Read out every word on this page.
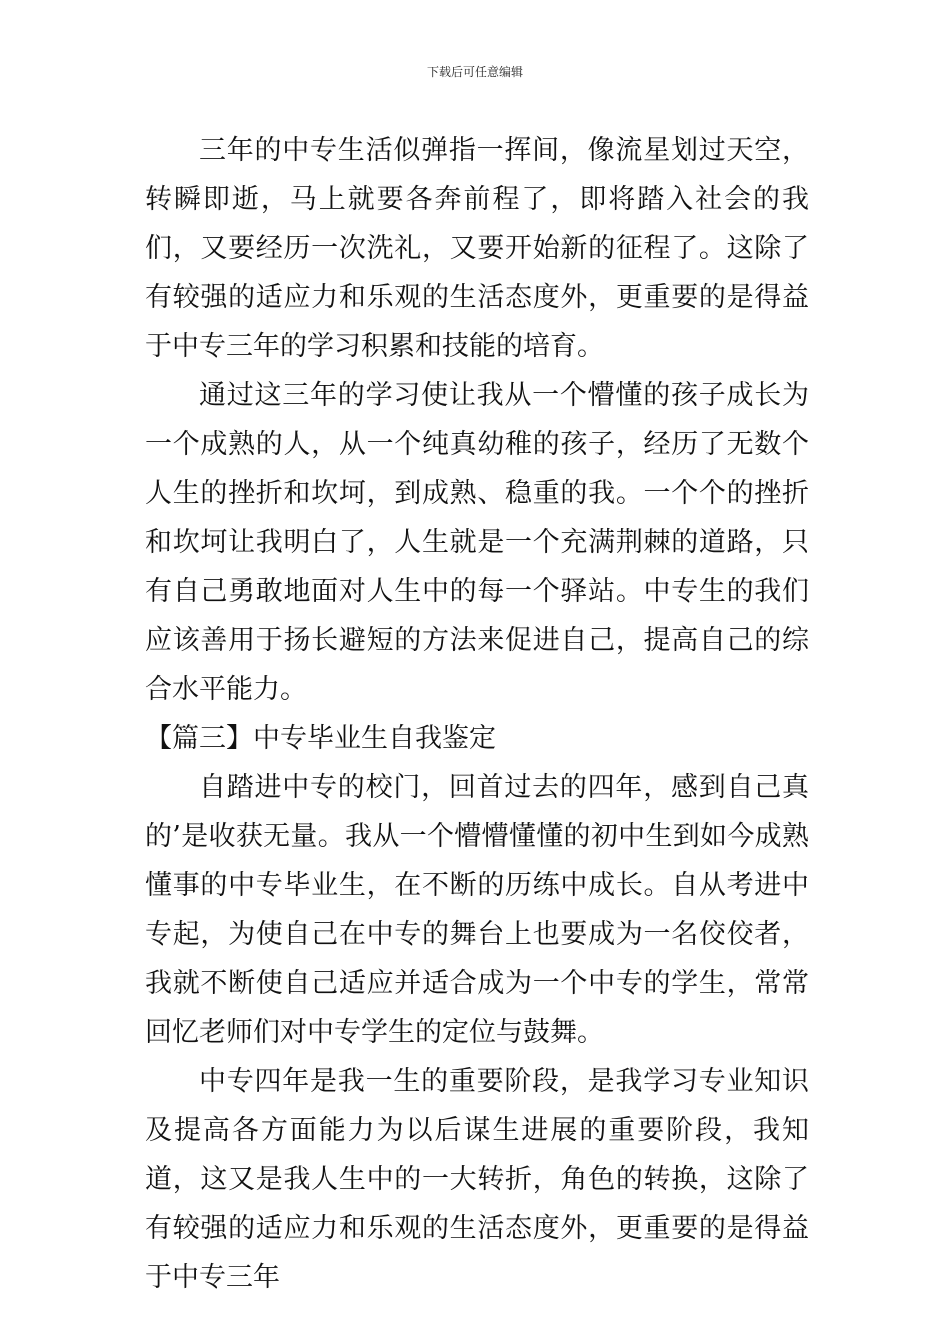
下载后可任意编辑

三年的中专生活似弹指一挥间，像流星划过天空，转瞬即逝，马上就要各奔前程了，即将踏入社会的我们，又要经历一次洗礼，又要开始新的征程了。这除了有较强的适应力和乐观的生活态度外，更重要的是得益于中专三年的学习积累和技能的培育。

通过这三年的学习使让我从一个懵懂的孩子成长为一个成熟的人，从一个纯真幼稚的孩子，经历了无数个人生的挫折和坎坷，到成熟、稳重的我。一个个的挫折和坎坷让我明白了，人生就是一个充满荆棘的道路，只有自己勇敢地面对人生中的每一个驿站。中专生的我们应该善用于扬长避短的方法来促进自己，提高自己的综合水平能力。

【篇三】中专毕业生自我鉴定

自踏进中专的校门，回首过去的四年，感到自己真的’是收获无量。我从一个懵懵懂懂的初中生到如今成熟懂事的中专毕业生，在不断的历练中成长。自从考进中专起，为使自己在中专的舞台上也要成为一名佼佼者，我就不断使自己适应并适合成为一个中专的学生，常常回忆老师们对中专学生的定位与鼓舞。

中专四年是我一生的重要阶段，是我学习专业知识及提高各方面能力为以后谋生进展的重要阶段，我知道，这又是我人生中的一大转折，角色的转换，这除了有较强的适应力和乐观的生活态度外，更重要的是得益于中专三年
